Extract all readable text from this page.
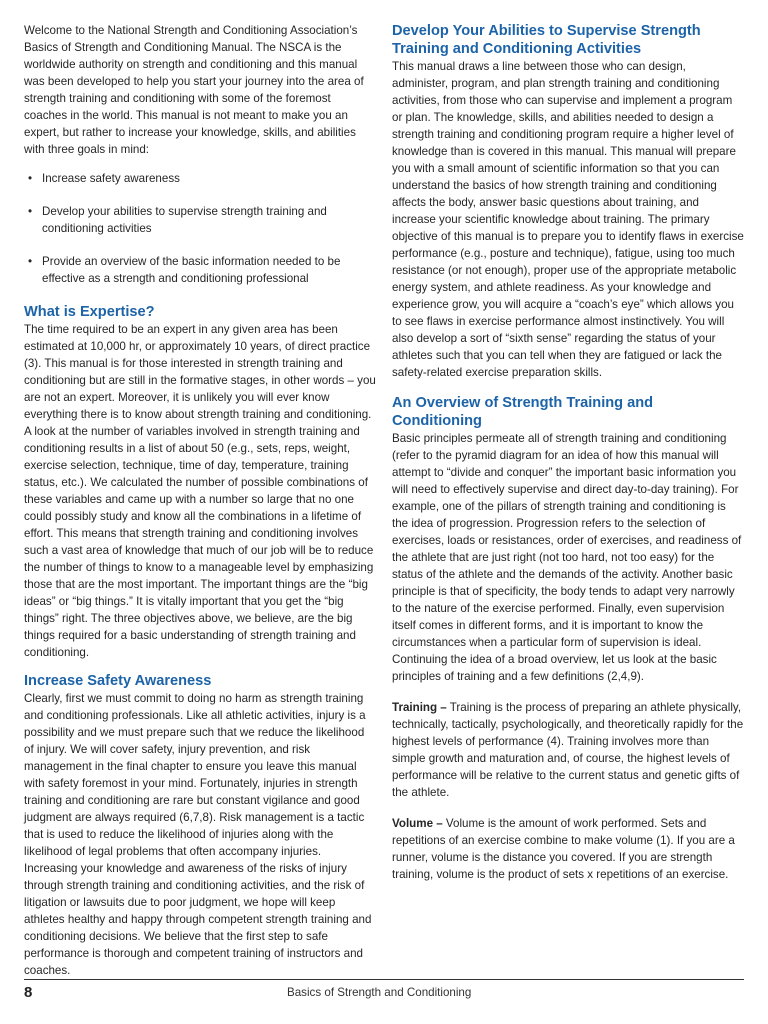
Welcome to the National Strength and Conditioning Association’s Basics of Strength and Conditioning Manual. The NSCA is the worldwide authority on strength and conditioning and this manual was been developed to help you start your journey into the area of strength training and conditioning with some of the foremost coaches in the world. This manual is not meant to make you an expert, but rather to increase your knowledge, skills, and abilities with three goals in mind:

• Increase safety awareness
• Develop your abilities to supervise strength training and conditioning activities
• Provide an overview of the basic information needed to be effective as a strength and conditioning professional
What is Expertise?

The time required to be an expert in any given area has been estimated at 10,000 hr, or approximately 10 years, of direct practice (3). This manual is for those interested in strength training and conditioning but are still in the formative stages, in other words – you are not an expert. Moreover, it is unlikely you will ever know everything there is to know about strength training and conditioning. A look at the number of variables involved in strength training and conditioning results in a list of about 50 (e.g., sets, reps, weight, exercise selection, technique, time of day, temperature, training status, etc.). We calculated the number of possible combinations of these variables and came up with a number so large that no one could possibly study and know all the combinations in a lifetime of effort. This means that strength training and conditioning involves such a vast area of knowledge that much of our job will be to reduce the number of things to know to a manageable level by emphasizing those that are the most important. The important things are the “big ideas” or “big things.” It is vitally important that you get the “big things” right. The three objectives above, we believe, are the big things required for a basic understanding of strength training and conditioning.

Increase Safety Awareness

Clearly, first we must commit to doing no harm as strength training and conditioning professionals. Like all athletic activities, injury is a possibility and we must prepare such that we reduce the likelihood of injury. We will cover safety, injury prevention, and risk management in the final chapter to ensure you leave this manual with safety foremost in your mind. Fortunately, injuries in strength training and conditioning are rare but constant vigilance and good judgment are always required (6,7,8). Risk management is a tactic that is used to reduce the likelihood of injuries along with the likelihood of legal problems that often accompany injuries. Increasing your knowledge and awareness of the risks of injury through strength training and conditioning activities, and the risk of litigation or lawsuits due to poor judgment, we hope will keep athletes healthy and happy through competent strength training and conditioning decisions. We believe that the first step to safe performance is thorough and competent training of instructors and coaches.

Develop Your Abilities to Supervise Strength Training and Conditioning Activities

This manual draws a line between those who can design, administer, program, and plan strength training and conditioning activities, from those who can supervise and implement a program or plan. The knowledge, skills, and abilities needed to design a strength training and conditioning program require a higher level of knowledge than is covered in this manual. This manual will prepare you with a small amount of scientific information so that you can understand the basics of how strength training and conditioning affects the body, answer basic questions about training, and increase your scientific knowledge about training. The primary objective of this manual is to prepare you to identify flaws in exercise performance (e.g., posture and technique), fatigue, using too much resistance (or not enough), proper use of the appropriate metabolic energy system, and athlete readiness. As your knowledge and experience grow, you will acquire a “coach’s eye” which allows you to see flaws in exercise performance almost instinctively. You will also develop a sort of “sixth sense” regarding the status of your athletes such that you can tell when they are fatigued or lack the safety-related exercise preparation skills.

An Overview of Strength Training and Conditioning

Basic principles permeate all of strength training and conditioning (refer to the pyramid diagram for an idea of how this manual will attempt to “divide and conquer” the important basic information you will need to effectively supervise and direct day-to-day training). For example, one of the pillars of strength training and conditioning is the idea of progression. Progression refers to the selection of exercises, loads or resistances, order of exercises, and readiness of the athlete that are just right (not too hard, not too easy) for the status of the athlete and the demands of the activity. Another basic principle is that of specificity, the body tends to adapt very narrowly to the nature of the exercise performed. Finally, even supervision itself comes in different forms, and it is important to know the circumstances when a particular form of supervision is ideal. Continuing the idea of a broad overview, let us look at the basic principles of training and a few definitions (2,4,9).

Training – Training is the process of preparing an athlete physically, technically, tactically, psychologically, and theoretically rapidly for the highest levels of performance (4). Training involves more than simple growth and maturation and, of course, the highest levels of performance will be relative to the current status and genetic gifts of the athlete.

Volume – Volume is the amount of work performed. Sets and repetitions of an exercise combine to make volume (1). If you are a runner, volume is the distance you covered. If you are strength training, volume is the product of sets x repetitions of an exercise.

8	Basics of Strength and Conditioning
